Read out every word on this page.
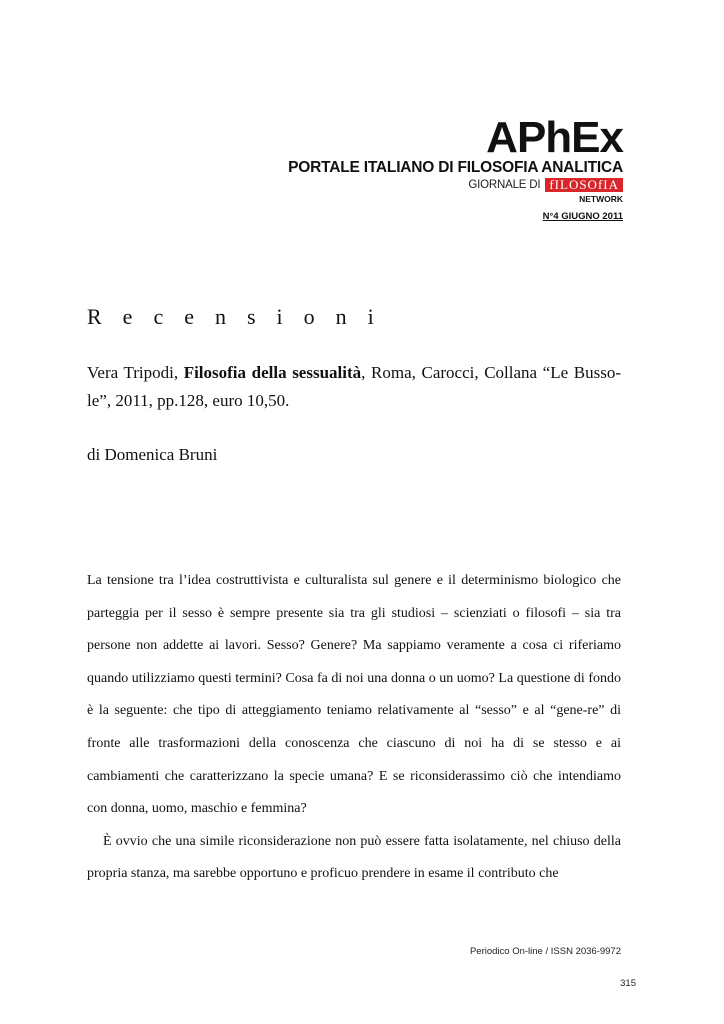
APhEx
PORTALE ITALIANO DI FILOSOFIA ANALITICA
GIORNALE DI fILOSOfIA
NETWORK
N°4 GIUGNO 2011
Recensioni
Vera Tripodi, Filosofia della sessualità, Roma, Carocci, Collana “Le Busso-le”, 2011, pp.128, euro 10,50.
di Domenica Bruni

La tensione tra l’idea costruttivista e culturalista sul genere e il determinismo biologico che parteggia per il sesso è sempre presente sia tra gli studiosi – scienziati o filosofi – sia tra persone non addette ai lavori. Sesso? Genere? Ma sappiamo veramente a cosa ci riferiamo quando utilizziamo questi termini? Cosa fa di noi una donna o un uomo? La questione di fondo è la seguente: che tipo di atteggiamento teniamo relativamente al “sesso” e al “gene-re” di fronte alle trasformazioni della conoscenza che ciascuno di noi ha di se stesso e ai cambiamenti che caratterizzano la specie umana? E se riconsiderassimo ciò che intendiamo con donna, uomo, maschio e femmina?

È ovvio che una simile riconsiderazione non può essere fatta isolatamente, nel chiuso della propria stanza, ma sarebbe opportuno e proficuo prendere in esame il contributo che

Periodico On-line / ISSN 2036-9972
315
